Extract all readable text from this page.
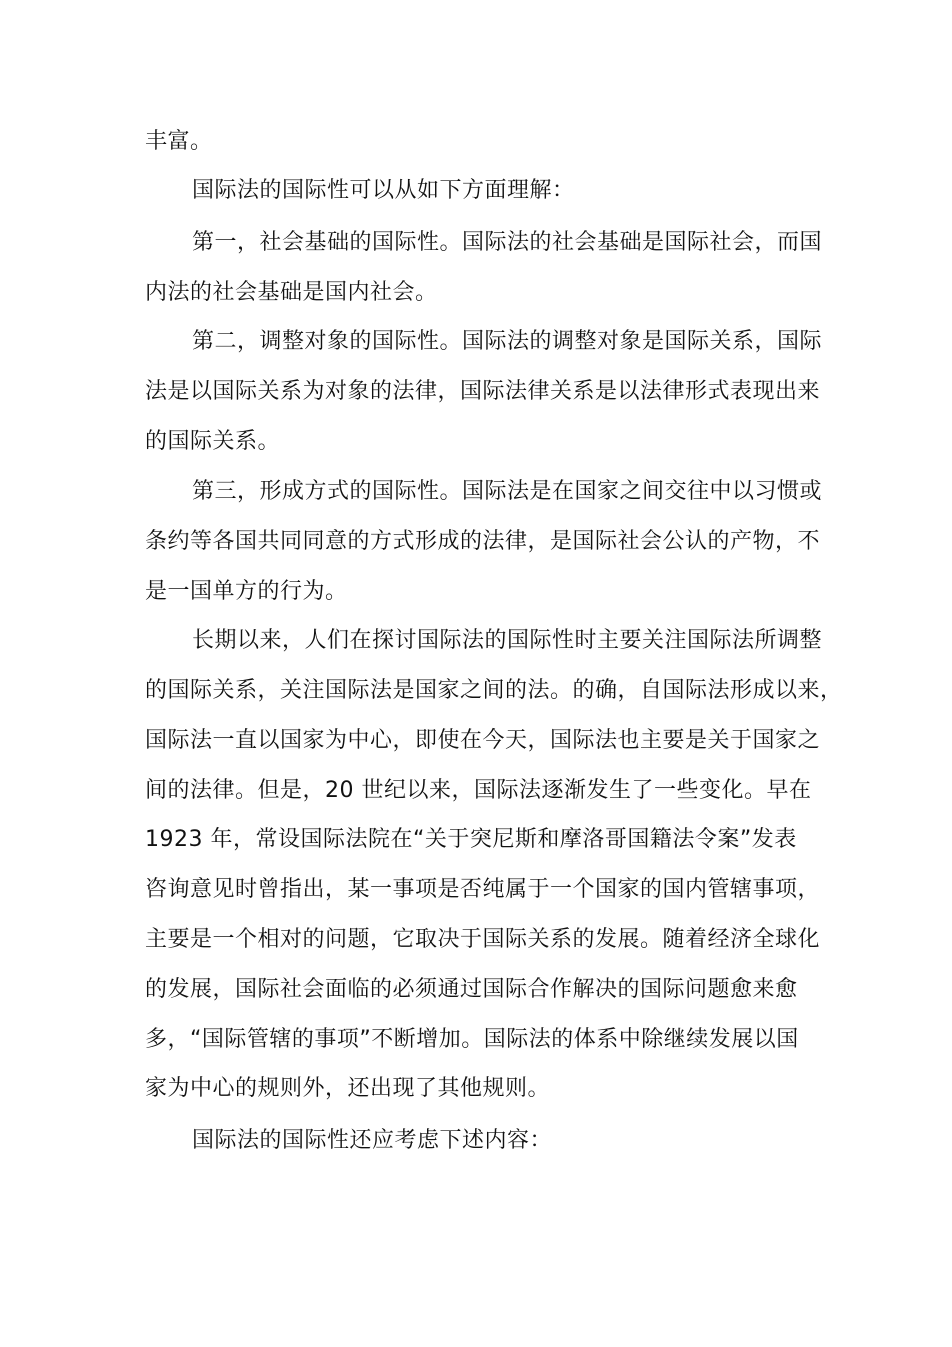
丰富。
国际法的国际性可以从如下方面理解：
第一，社会基础的国际性。国际法的社会基础是国际社会，而国
内法的社会基础是国内社会。
第二，调整对象的国际性。国际法的调整对象是国际关系，国际
法是以国际关系为对象的法律，国际法律关系是以法律形式表现出来
的国际关系。
第三，形成方式的国际性。国际法是在国家之间交往中以习惯或
条约等各国共同同意的方式形成的法律，是国际社会公认的产物，不
是一国单方的行为。
长期以来，人们在探讨国际法的国际性时主要关注国际法所调整
的国际关系，关注国际法是国家之间的法。的确，自国际法形成以来，
国际法一直以国家为中心，即使在今天，国际法也主要是关于国家之
间的法律。但是，20 世纪以来，国际法逐渐发生了一些变化。早在
1923 年，常设国际法院在“关于突尼斯和摩洛哥国籍法令案”发表
咨询意见时曾指出，某一事项是否纯属于一个国家的国内管辖事项，
主要是一个相对的问题，它取决于国际关系的发展。随着经济全球化
的发展，国际社会面临的必须通过国际合作解决的国际问题愈来愈
多，“国际管辖的事项”不断增加。国际法的体系中除继续发展以国
家为中心的规则外，还出现了其他规则。
国际法的国际性还应考虑下述内容：
